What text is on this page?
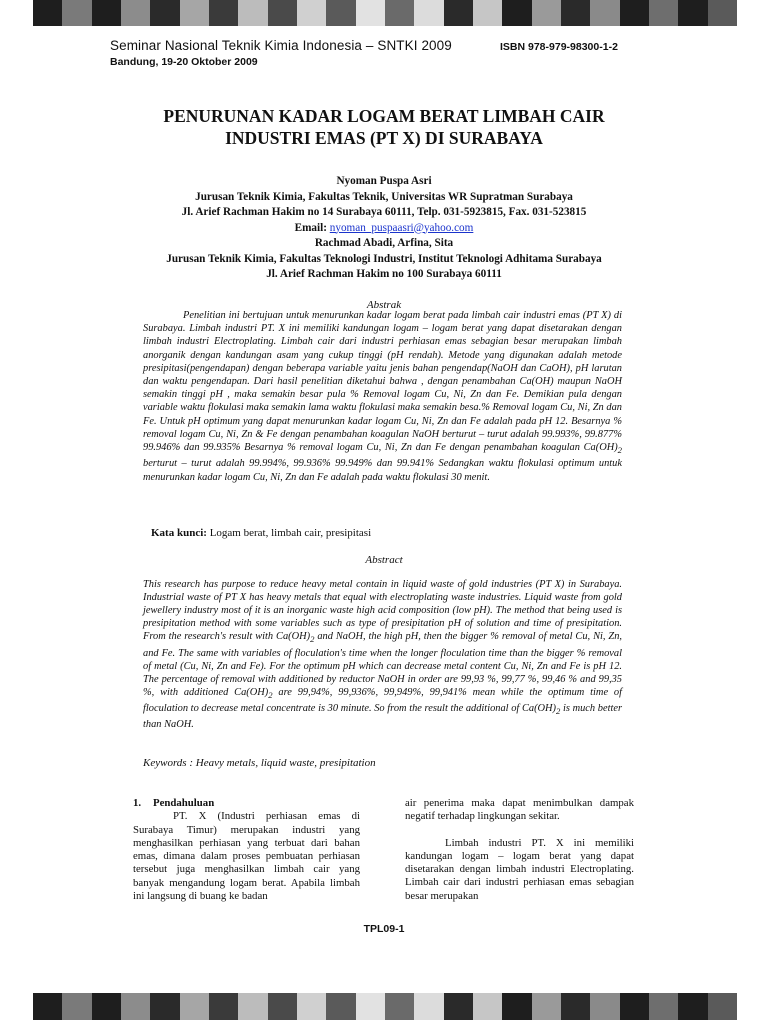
Seminar Nasional Teknik Kimia Indonesia – SNTKI 2009
Bandung, 19-20 Oktober 2009
ISBN 978-979-98300-1-2
PENURUNAN KADAR LOGAM BERAT LIMBAH CAIR
INDUSTRI EMAS (PT X) DI SURABAYA
Nyoman Puspa Asri
Jurusan Teknik Kimia, Fakultas Teknik, Universitas WR Supratman Surabaya
Jl. Arief Rachman Hakim no 14 Surabaya 60111, Telp. 031-5923815, Fax. 031-523815
Email: nyoman_puspaasri@yahoo.com
Rachmad Abadi, Arfina, Sita
Jurusan Teknik Kimia, Fakultas Teknologi Industri, Institut Teknologi Adhitama Surabaya
Jl. Arief Rachman Hakim no 100 Surabaya 60111
Abstrak
Penelitian ini bertujuan untuk menurunkan kadar logam berat pada limbah cair industri emas (PT X) di Surabaya. Limbah industri PT. X ini memiliki kandungan logam – logam berat yang dapat disetarakan dengan limbah industri Electroplating. Limbah cair dari industri perhiasan emas sebagian besar merupakan limbah anorganik dengan kandungan asam yang cukup tinggi (pH rendah). Metode yang digunakan adalah metode presipitasi(pengendapan) dengan beberapa variable yaitu jenis bahan pengendap(NaOH dan CaOH), pH larutan dan waktu pengendapan. Dari hasil penelitian diketahui bahwa , dengan penambahan Ca(OH) maupun NaOH semakin tinggi pH , maka semakin besar pula % Removal logam Cu, Ni, Zn dan Fe. Demikian pula dengan variable waktu flokulasi maka semakin lama waktu flokulasi maka semakin besa.% Removal logam Cu, Ni, Zn dan Fe. Untuk pH optimum yang dapat menurunkan kadar logam Cu, Ni, Zn dan Fe adalah pada pH 12. Besarnya % removal logam Cu, Ni, Zn & Fe dengan penambahan koagulan NaOH berturut – turut adalah 99.993%, 99.877% 99.946% dan 99.935% Besarnya % removal logam Cu, Ni, Zn dan Fe dengan penambahan koagulan $Ca(OH)_2$ berturut – turut adalah 99.994%, 99.936% 99.949% dan 99.941% Sedangkan waktu flokulasi optimum untuk menurunkan kadar logam Cu, Ni, Zn dan Fe adalah pada waktu flokulasi 30 menit.
Kata kunci: Logam berat, limbah cair, presipitasi
Abstract
This research has purpose to reduce heavy metal contain in liquid waste of gold industries (PT X) in Surabaya. Industrial waste of PT X has heavy metals that equal with electroplating waste industries. Liquid waste from gold jewellery industry most of it is an inorganic waste high acid composition (low pH). The method that being used is presipitation method with some variables such as type of presipitation pH of solution and time of presipitation. From the research's result with $Ca(OH)_2$ and NaOH, the high pH, then the bigger % removal of metal Cu, Ni, Zn, and Fe. The same with variables of floculation's time when the longer floculation time than the bigger % removal of metal (Cu, Ni, Zn and Fe). For the optimum pH which can decrease metal content Cu, Ni, Zn and Fe is pH 12. The percentage of removal with additioned by reductor NaOH in order are 99,93 %, 99,77 %, 99,46 % and 99,35 %, with additioned $Ca(OH)_2$ are 99,94%, 99,936%, 99,949%, 99,941% mean while the optimum time of floculation to decrease metal concentrate is 30 minute. So from the result the additional of $Ca(OH)_2$ is much better than NaOH.
Keywords : Heavy metals, liquid waste, presipitation
1. Pendahuluan
PT. X (Industri perhiasan emas di Surabaya Timur) merupakan industri yang menghasilkan perhiasan yang terbuat dari bahan emas, dimana dalam proses pembuatan perhiasan tersebut juga menghasilkan limbah cair yang banyak mengandung logam berat. Apabila limbah ini langsung di buang ke badan
air penerima maka dapat menimbulkan dampak negatif terhadap lingkungan sekitar.
Limbah industri PT. X ini memiliki kandungan logam – logam berat yang dapat disetarakan dengan limbah industri Electroplating. Limbah cair dari industri perhiasan emas sebagian besar merupakan
TPL09-1
